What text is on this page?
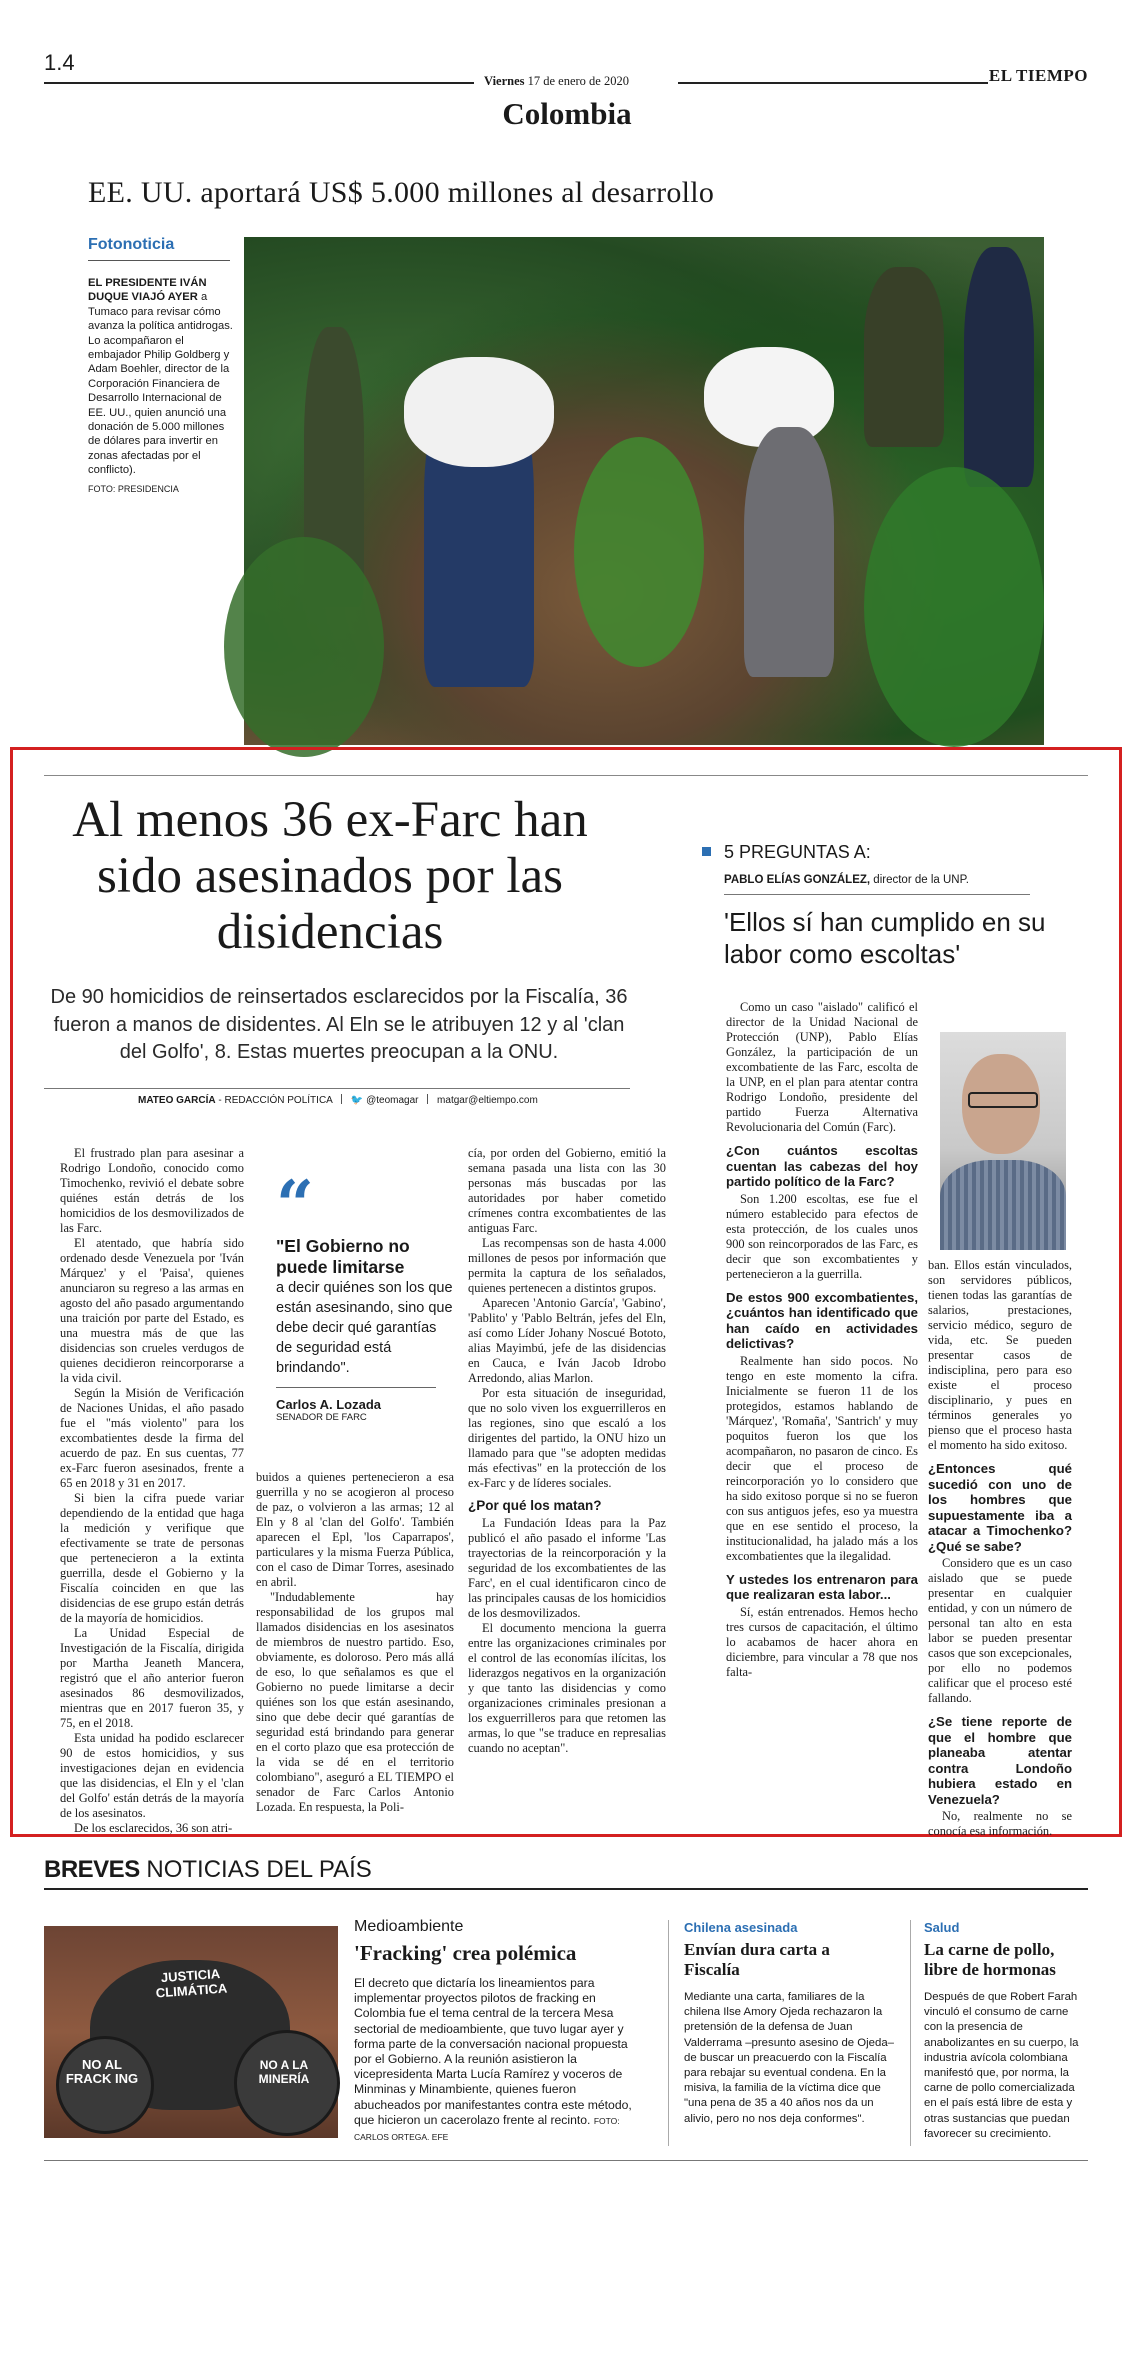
1.4
Viernes 17 de enero de 2020	EL TIEMPO
Colombia
EE. UU. aportará US$ 5.000 millones al desarrollo
Fotonoticia
EL PRESIDENTE IVÁN DUQUE VIAJÓ AYER a Tumaco para revisar cómo avanza la política antidrogas. Lo acompañaron el embajador Philip Goldberg y Adam Boehler, director de la Corporación Financiera de Desarrollo Internacional de EE. UU., quien anunció una donación de 5.000 millones de dólares para invertir en zonas afectadas por el conflicto).
FOTO: PRESIDENCIA
Al menos 36 ex-Farc han sido asesinados por las disidencias
De 90 homicidios de reinsertados esclarecidos por la Fiscalía, 36 fueron a manos de disidentes. Al Eln se le atribuyen 12 y al 'clan del Golfo', 8. Estas muertes preocupan a la ONU.
MATEO GARCÍA - REDACCIÓN POLÍTICA 🐦 @teomagar matgar@eltiempo.com

El frustrado plan para asesinar a Rodrigo Londoño, conocido como Timochenko, revivió el debate sobre quiénes están detrás de los homicidios de los desmovilizados de las Farc.

El atentado, que habría sido ordenado desde Venezuela por 'Iván Márquez' y el 'Paisa', quienes anunciaron su regreso a las armas en agosto del año pasado argumentando una traición por parte del Estado, es una muestra más de que las disidencias son crueles verdugos de quienes decidieron reincorporarse a la vida civil.

Según la Misión de Verificación de Naciones Unidas, el año pasado fue el "más violento" para los excombatientes desde la firma del acuerdo de paz. En sus cuentas, 77 ex-Farc fueron asesinados, frente a 65 en 2018 y 31 en 2017.

Si bien la cifra puede variar dependiendo de la entidad que haga la medición y verifique que efectivamente se trate de personas que pertenecieron a la extinta guerrilla, desde el Gobierno y la Fiscalía coinciden en que las disidencias de ese grupo están detrás de la mayoría de homicidios.

La Unidad Especial de Investigación de la Fiscalía, dirigida por Martha Jeaneth Mancera, registró que el año anterior fueron asesinados 86 desmovilizados, mientras que en 2017 fueron 35, y 75, en el 2018.

Esta unidad ha podido esclarecer 90 de estos homicidios, y sus investigaciones dejan en evidencia que las disidencias, el Eln y el 'clan del Golfo' están detrás de la mayoría de los asesinatos.

De los esclarecidos, 36 son atri-

“
"El Gobierno no puede limitarse
a decir quiénes son los que están asesinando, sino que debe decir qué garantías de seguridad está brindando".
Carlos A. Lozada
SENADOR DE FARC

buidos a quienes pertenecieron a esa guerrilla y no se acogieron al proceso de paz, o volvieron a las armas; 12 al Eln y 8 al 'clan del Golfo'. También aparecen el Epl, 'los Caparrapos', particulares y la misma Fuerza Pública, con el caso de Dimar Torres, asesinado en abril.

"Indudablemente hay responsabilidad de los grupos mal llamados disidencias en los asesinatos de miembros de nuestro partido. Eso, obviamente, es doloroso. Pero más allá de eso, lo que señalamos es que el Gobierno no puede limitarse a decir quiénes son los que están asesinando, sino que debe decir qué garantías de seguridad está brindando para generar en el corto plazo que esa protección de la vida se dé en el territorio colombiano", aseguró a EL TIEMPO el senador de Farc Carlos Antonio Lozada. En respuesta, la Poli-

cía, por orden del Gobierno, emitió la semana pasada una lista con las 30 personas más buscadas por las autoridades por haber cometido crímenes contra excombatientes de las antiguas Farc.

Las recompensas son de hasta 4.000 millones de pesos por información que permita la captura de los señalados, quienes pertenecen a distintos grupos.

Aparecen 'Antonio García', 'Gabino', 'Pablito' y 'Pablo Beltrán, jefes del Eln, así como Líder Johany Noscué Bototo, alias Mayimbú, jefe de las disidencias en Cauca, e Iván Jacob Idrobo Arredondo, alias Marlon.

Por esta situación de inseguridad, que no solo viven los exguerrilleros en las regiones, sino que escaló a los dirigentes del partido, la ONU hizo un llamado para que "se adopten medidas más efectivas" en la protección de los ex-Farc y de líderes sociales.

¿Por qué los matan?

La Fundación Ideas para la Paz publicó el año pasado el informe 'Las trayectorias de la reincorporación y la seguridad de los excombatientes de las Farc', en el cual identificaron cinco de las principales causas de los homicidios de los desmovilizados.

El documento menciona la guerra entre las organizaciones criminales por el control de las economías ilícitas, los liderazgos negativos en la organización y que tanto las disidencias y como organizaciones criminales presionan a los exguerrilleros para que retomen las armas, lo que "se traduce en represalias cuando no aceptan".

5 PREGUNTAS A:
PABLO ELÍAS GONZÁLEZ, director de la UNP.
'Ellos sí han cumplido en su labor como escoltas'

Como un caso "aislado" calificó el director de la Unidad Nacional de Protección (UNP), Pablo Elías González, la participación de un excombatiente de las Farc, escolta de la UNP, en el plan para atentar contra Rodrigo Londoño, presidente del partido Fuerza Alternativa Revolucionaria del Común (Farc).

¿Con cuántos escoltas cuentan las cabezas del hoy partido político de la Farc?

Son 1.200 escoltas, ese fue el número establecido para efectos de esta protección, de los cuales unos 900 son reincorporados de las Farc, es decir que son excombatientes y pertenecieron a la guerrilla.

De estos 900 excombatientes, ¿cuántos han identificado que han caído en actividades delictivas?

Realmente han sido pocos. No tengo en este momento la cifra. Inicialmente se fueron 11 de los protegidos, estamos hablando de 'Márquez', 'Romaña', 'Santrich' y muy poquitos fueron los que los acompañaron, no pasaron de cinco. Es decir que el proceso de reincorporación yo lo considero que ha sido exitoso porque si no se fueron con sus antiguos jefes, eso ya muestra que en ese sentido el proceso, la institucionalidad, ha jalado más a los excombatientes que la ilegalidad.

Y ustedes los entrenaron para que realizaran esta labor...

Sí, están entrenados. Hemos hecho tres cursos de capacitación, el último lo acabamos de hacer ahora en diciembre, para vincular a 78 que nos falta-

ban. Ellos están vinculados, son servidores públicos, tienen todas las garantías de salarios, prestaciones, servicio médico, seguro de vida, etc. Se pueden presentar casos de indisciplina, pero para eso existe el proceso disciplinario, y pues en términos generales yo pienso que el proceso hasta el momento ha sido exitoso.

¿Entonces qué sucedió con uno de los hombres que supuestamente iba a atacar a Timochenko? ¿Qué se sabe?

Considero que es un caso aislado que se puede presentar en cualquier entidad, y con un número de personal tan alto en esta labor se pueden presentar casos que son excepcionales, por ello no podemos calificar que el proceso esté fallando.

¿Se tiene reporte de que el hombre que planeaba atentar contra Londoño hubiera estado en Venezuela?

No, realmente no se conocía esa información.

BREVES NOTICIAS DEL PAÍS
JUSTICIA CLIMÁTICA
NO AL FRACK ING
NO A LA MINERÍA
Medioambiente
'Fracking' crea polémica
El decreto que dictaría los lineamientos para implementar proyectos pilotos de fracking en Colombia fue el tema central de la tercera Mesa sectorial de medioambiente, que tuvo lugar ayer y forma parte de la conversación nacional propuesta por el Gobierno. A la reunión asistieron la vicepresidenta Marta Lucía Ramírez y voceros de Minminas y Minambiente, quienes fueron abucheados por manifestantes contra este método, que hicieron un cacerolazo frente al recinto. FOTO: CARLOS ORTEGA. EFE
Chilena asesinada
Envían dura carta a Fiscalía
Mediante una carta, familiares de la chilena Ilse Amory Ojeda rechazaron la pretensión de la defensa de Juan Valderrama –presunto asesino de Ojeda– de buscar un preacuerdo con la Fiscalía para rebajar su eventual condena. En la misiva, la familia de la víctima dice que "una pena de 35 a 40 años nos da un alivio, pero no nos deja conformes".
Salud
La carne de pollo, libre de hormonas
Después de que Robert Farah vinculó el consumo de carne con la presencia de anabolizantes en su cuerpo, la industria avícola colombiana manifestó que, por norma, la carne de pollo comercializada en el país está libre de esta y otras sustancias que puedan favorecer su crecimiento.
